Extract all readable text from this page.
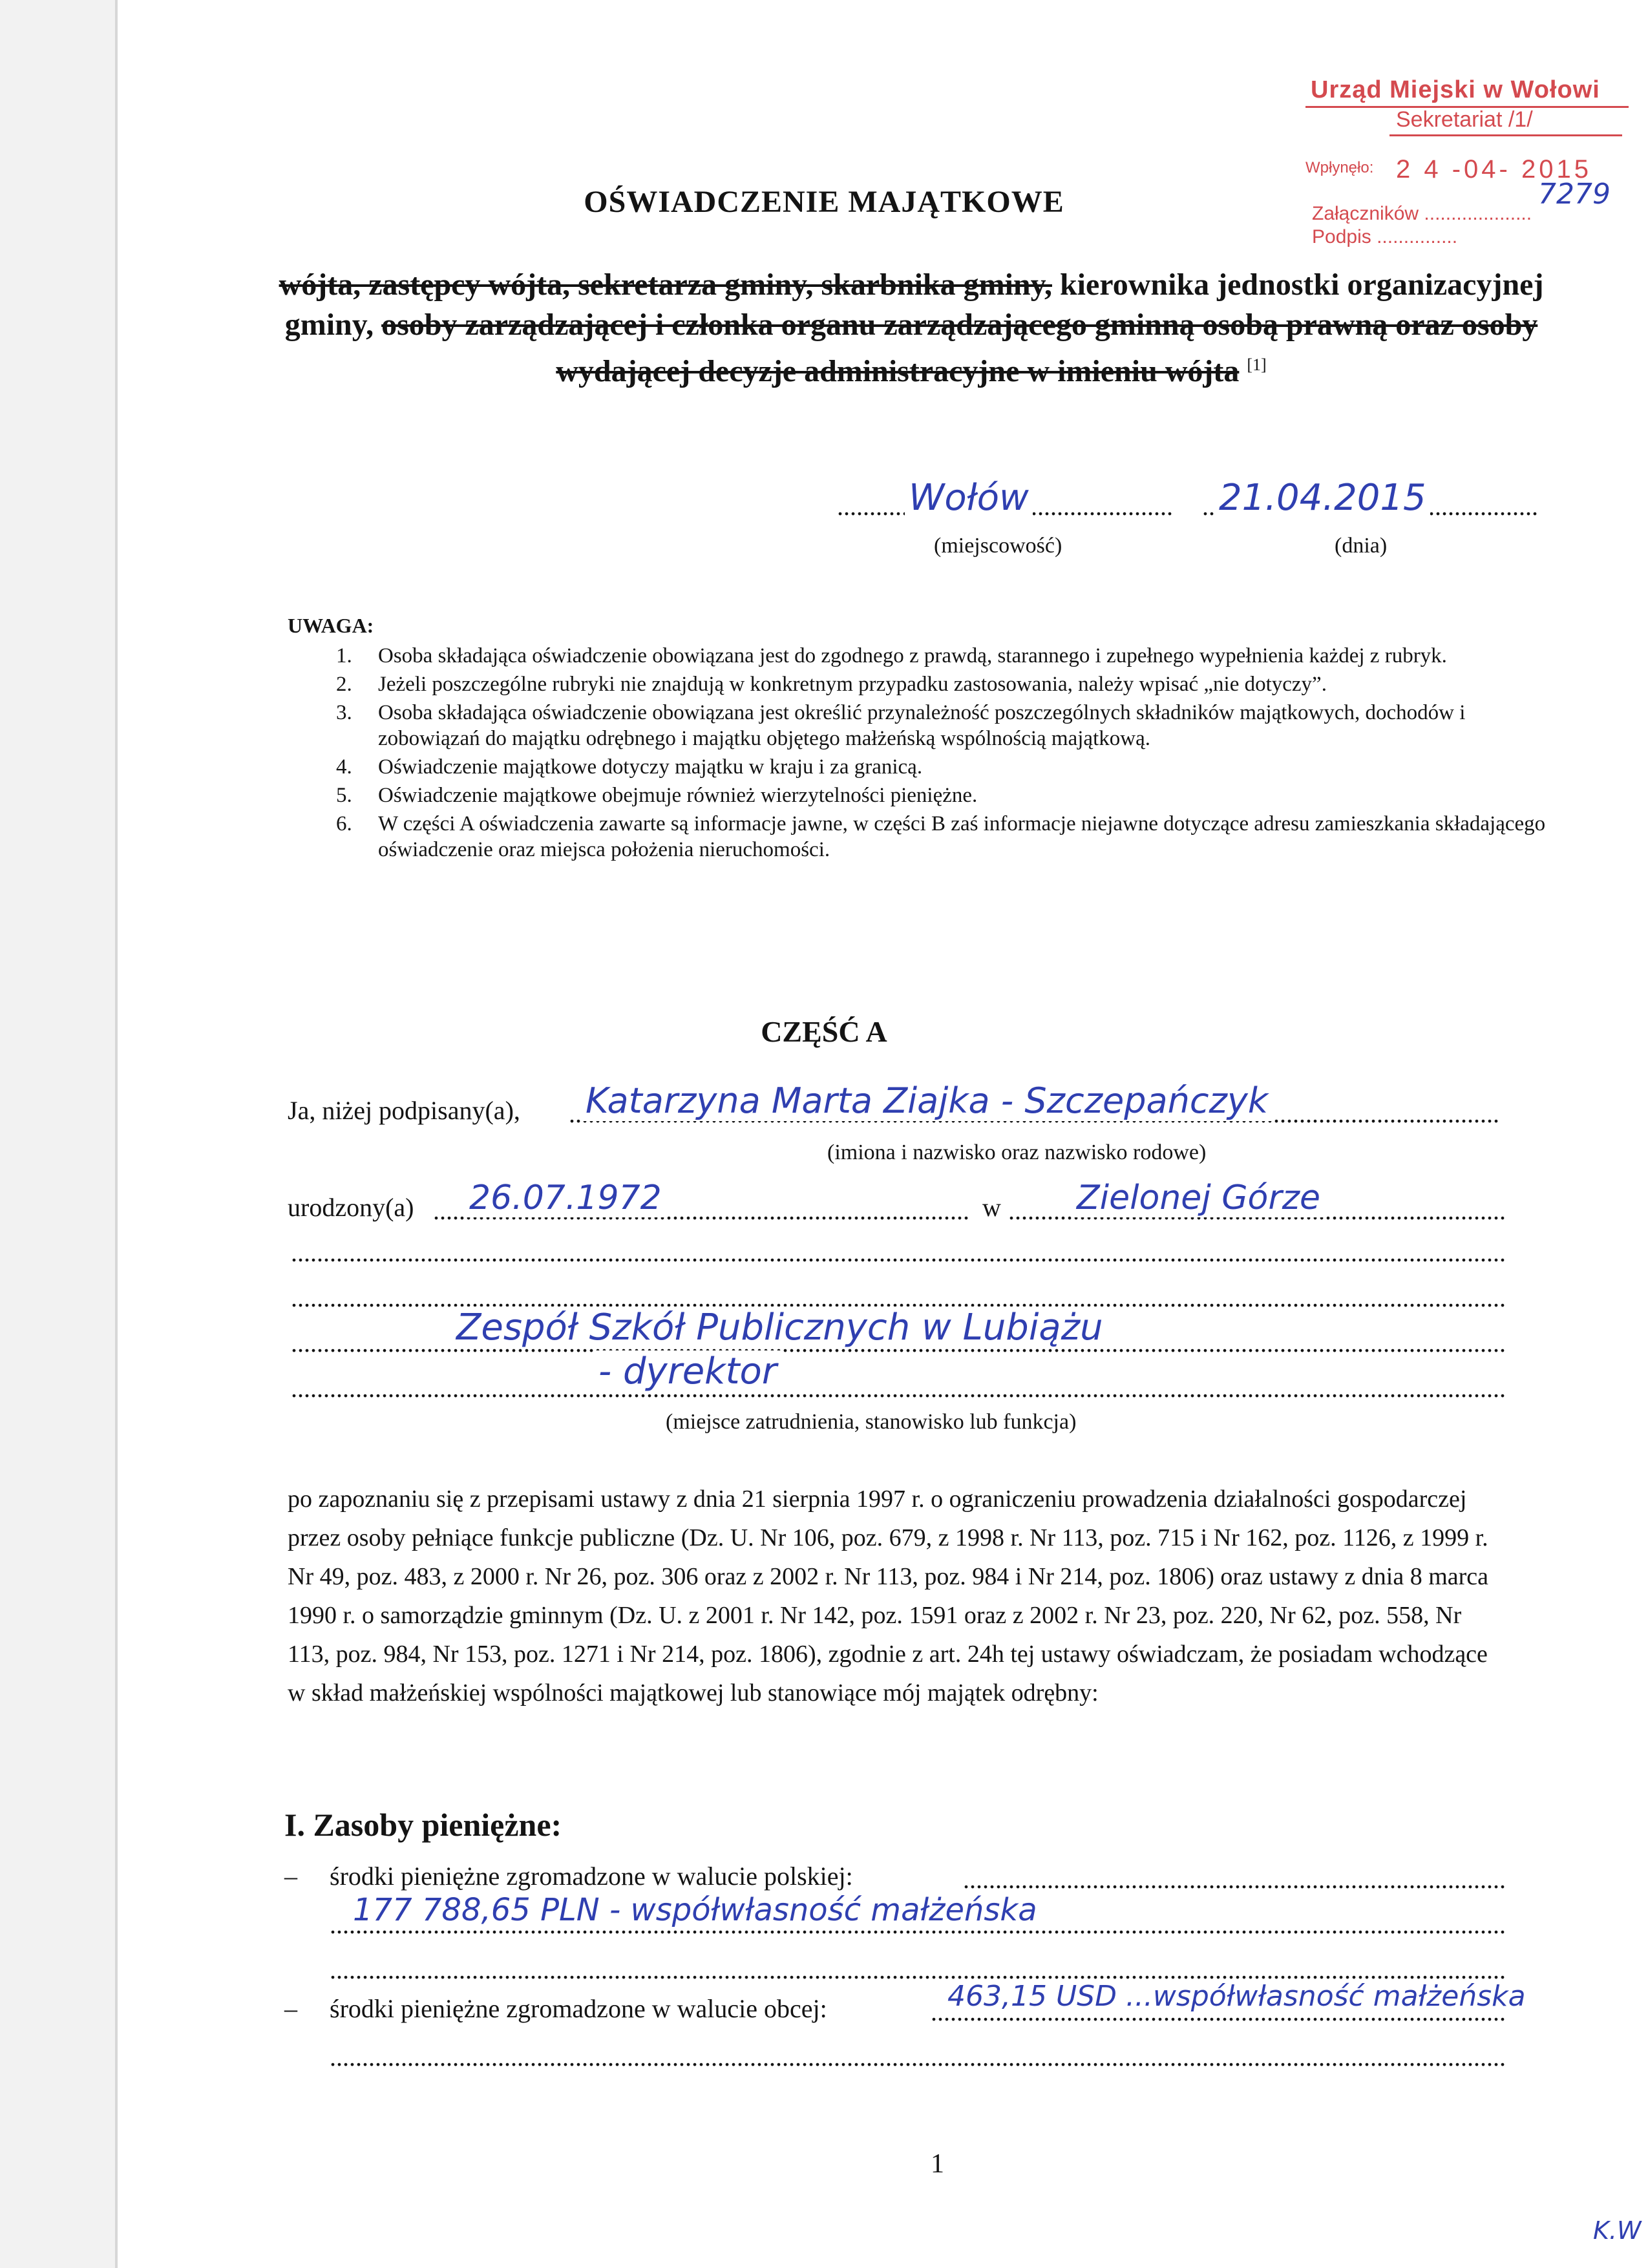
Urząd Miejski w Wołowi
Sekretariat /1/
Wpłynęło: 2 4 -04- 2015
Załączników ....................
Podpis ...............
7279
OŚWIADCZENIE MAJĄTKOWE
wójta, zastępcy wójta, sekretarza gminy, skarbnika gminy, kierownika jednostki organizacyjnej gminy, osoby zarządzającej i członka organu zarządzającego gminną osobą prawną oraz osoby wydającej decyzje administracyjne w imieniu wójta [1]
.....
Wołów .....	21.04.2015
(miejscowość)	(dnia)
UWAGA:
1. Osoba składająca oświadczenie obowiązana jest do zgodnego z prawdą, starannego i zupełnego wypełnienia każdej z rubryk.
2. Jeżeli poszczególne rubryki nie znajdują w konkretnym przypadku zastosowania, należy wpisać „nie dotyczy”.
3. Osoba składająca oświadczenie obowiązana jest określić przynależność poszczególnych składników majątkowych, dochodów i zobowiązań do majątku odrębnego i majątku objętego małżeńską wspólnością majątkową.
4. Oświadczenie majątkowe dotyczy majątku w kraju i za granicą.
5. Oświadczenie majątkowe obejmuje również wierzytelności pieniężne.
6. W części A oświadczenia zawarte są informacje jawne, w części B zaś informacje niejawne dotyczące adresu zamieszkania składającego oświadczenie oraz miejsca położenia nieruchomości.
CZĘŚĆ A
Ja, niżej podpisany(a), ..... Katarzyna Marta Ziajka - Szczepańczyk
(imiona i nazwisko oraz nazwisko rodowe)
urodzony(a) ..... 26.07.1972	w ..... Zielonej Górze
.....
.....
.....
Zespół Szkół Publicznych w Lubiążu
.....
- dyrektor
(miejsce zatrudnienia, stanowisko lub funkcja)
po zapoznaniu się z przepisami ustawy z dnia 21 sierpnia 1997 r. o ograniczeniu prowadzenia działalności gospodarczej przez osoby pełniące funkcje publiczne (Dz. U. Nr 106, poz. 679, z 1998 r. Nr 113, poz. 715 i Nr 162, poz. 1126, z 1999 r. Nr 49, poz. 483, z 2000 r. Nr 26, poz. 306 oraz z 2002 r. Nr 113, poz. 984 i Nr 214, poz. 1806) oraz ustawy z dnia 8 marca 1990 r. o samorządzie gminnym (Dz. U. z 2001 r. Nr 142, poz. 1591 oraz z 2002 r. Nr 23, poz. 220, Nr 62, poz. 558, Nr 113, poz. 984, Nr 153, poz. 1271 i Nr 214, poz. 1806), zgodnie z art. 24h tej ustawy oświadczam, że posiadam wchodzące w skład małżeńskiej wspólności majątkowej lub stanowiące mój majątek odrębny:
I. Zasoby pieniężne:
– środki pieniężne zgromadzone w walucie polskiej:
.....
.....
177 788,65 PLN - współwłasność małżeńska
.....
– środki pieniężne zgromadzone w walucie obcej: .....	463,15 USD ...współwłasność małżeńska
.....
1
K.W
